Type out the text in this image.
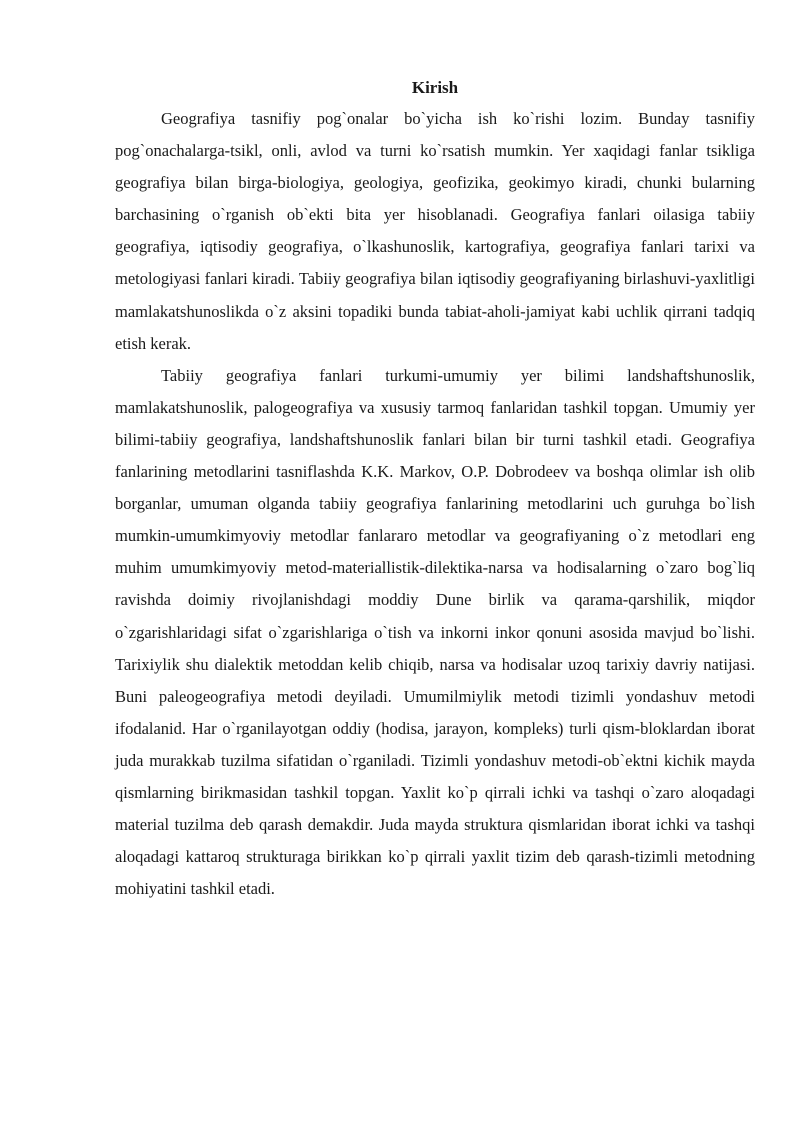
Kirish

Geografiya tasnifiy pog`onalar bo`yicha ish ko`rishi lozim. Bunday tasnifiy pog`onachalarga-tsikl, onli, avlod va turni ko`rsatish mumkin. Yer xaqidagi fanlar tsikliga geografiya bilan birga-biologiya, geologiya, geofizika, geokimyo kiradi, chunki bularning barchasining o`rganish ob`ekti bita yer hisoblanadi. Geografiya fanlari oilasiga tabiiy geografiya, iqtisodiy geografiya, o`lkashunoslik, kartografiya, geografiya fanlari tarixi va metologiyasi fanlari kiradi. Tabiiy geografiya bilan iqtisodiy geografiyaning birlashuvi-yaxlitligi mamlakatshunoslikda o`z aksini topadiki bunda tabiat-aholi-jamiyat kabi uchlik qirrani tadqiq etish kerak.

Tabiiy geografiya fanlari turkumi-umumiy yer bilimi landshaftshunoslik, mamlakatshunoslik, palogeografiya va xususiy tarmoq fanlaridan tashkil topgan. Umumiy yer bilimi-tabiiy geografiya, landshaftshunoslik fanlari bilan bir turni tashkil etadi. Geografiya fanlarining metodlarini tasniflashda K.K. Markov, O.P. Dobrodeev va boshqa olimlar ish olib borganlar, umuman olganda tabiiy geografiya fanlarining metodlarini uch guruhga bo`lish mumkin-umumkimyoviy metodlar fanlararo metodlar va geografiyaning o`z metodlari eng muhim umumkimyoviy metod-materiallistik-dilektika-narsa va hodisalarning o`zaro bog`liq ravishda doimiy rivojlanishdagi moddiy Dune birlik va qarama-qarshilik, miqdor o`zgarishlaridagi sifat o`zgarishlariga o`tish va inkorni inkor qonuni asosida mavjud bo`lishi. Tarixiylik shu dialektik metoddan kelib chiqib, narsa va hodisalar uzoq tarixiy davriy natijasi. Buni paleogeografiya metodi deyiladi. Umumilmiylik metodi tizimli yondashuv metodi ifodalanid. Har o`rganilayotgan oddiy (hodisa, jarayon, kompleks) turli qism-bloklardan iborat juda murakkab tuzilma sifatidan o`rganiladi. Tizimli yondashuv metodi-ob`ektni kichik mayda qismlarning birikmasidan tashkil topgan. Yaxlit ko`p qirrali ichki va tashqi o`zaro aloqadagi material tuzilma deb qarash demakdir. Juda mayda struktura qismlaridan iborat ichki va tashqi aloqadagi kattaroq strukturaga birikkan ko`p qirrali yaxlit tizim deb qarash-tizimli metodning mohiyatini tashkil etadi.
